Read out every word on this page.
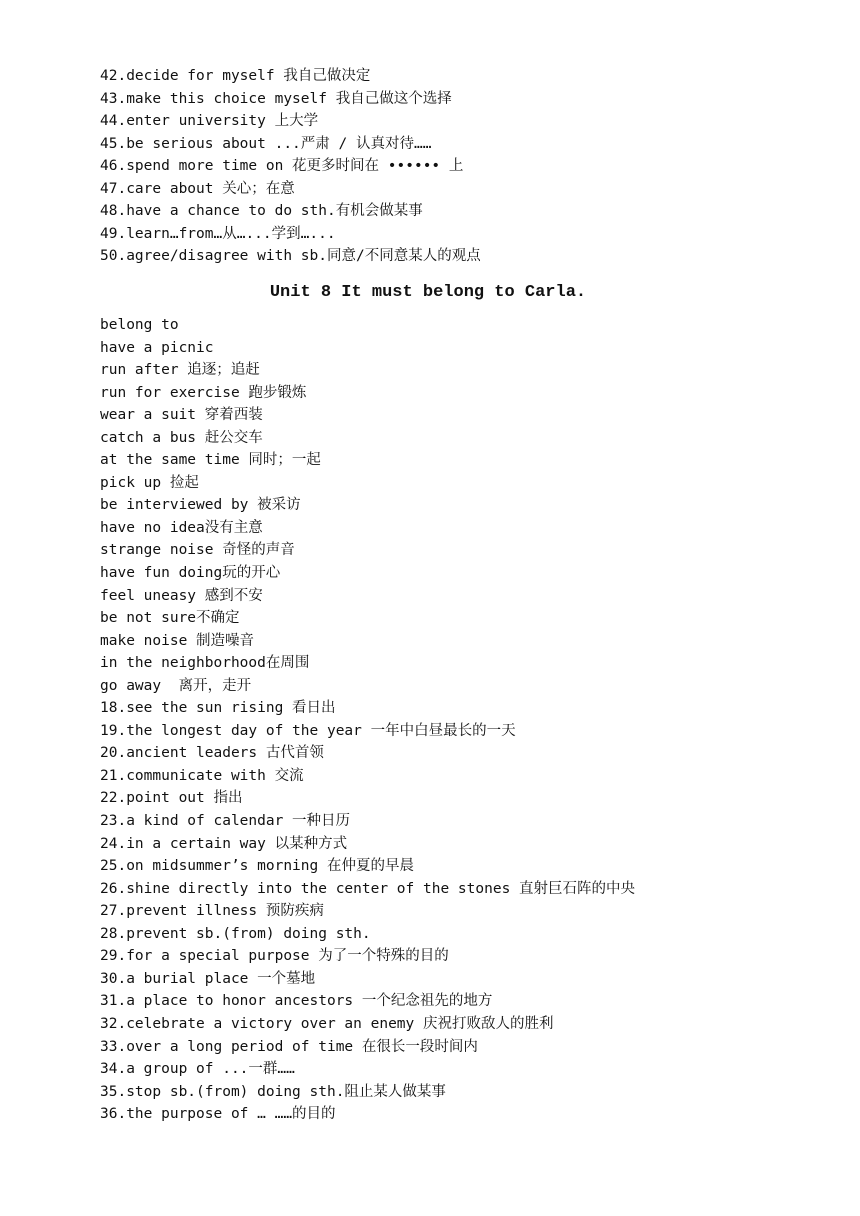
42.decide for myself 我自己做决定
43.make this choice myself 我自己做这个选择
44.enter university 上大学
45.be serious about ...严肃 / 认真对待……
46.spend more time on 花更多时间在 •••••• 上
47.care about 关心；在意
48.have a chance to do sth.有机会做某事
49.learn…from…从…...学到…...
50.agree/disagree with sb.同意/不同意某人的观点
Unit 8 It must belong to Carla.
belong to
have a picnic
run after 追逐；追赶
run for exercise 跑步锻炼
wear a suit 穿着西装
catch a bus 赶公交车
at the same time 同时；一起
pick up 捡起
be interviewed by 被采访
have no idea没有主意
strange noise 奇怪的声音
have fun doing玩的开心
feel uneasy 感到不安
be not sure不确定
make noise 制造噪音
in the neighborhood在周围
go away  离开，走开
18.see the sun rising 看日出
19.the longest day of the year 一年中白昼最长的一天
20.ancient leaders 古代首领
21.communicate with 交流
22.point out 指出
23.a kind of calendar 一种日历
24.in a certain way 以某种方式
25.on midsummer’s morning 在仲夏的早晨
26.shine directly into the center of the stones 直射巨石阵的中央
27.prevent illness 预防疾病
28.prevent sb.(from) doing sth.
29.for a special purpose 为了一个特殊的目的
30.a burial place 一个墓地
31.a place to honor ancestors 一个纪念祖先的地方
32.celebrate a victory over an enemy 庆祝打败敌人的胜利
33.over a long period of time 在很长一段时间内
34.a group of ...一群……
35.stop sb.(from) doing sth.阻止某人做某事
36.the purpose of … ……的目的
